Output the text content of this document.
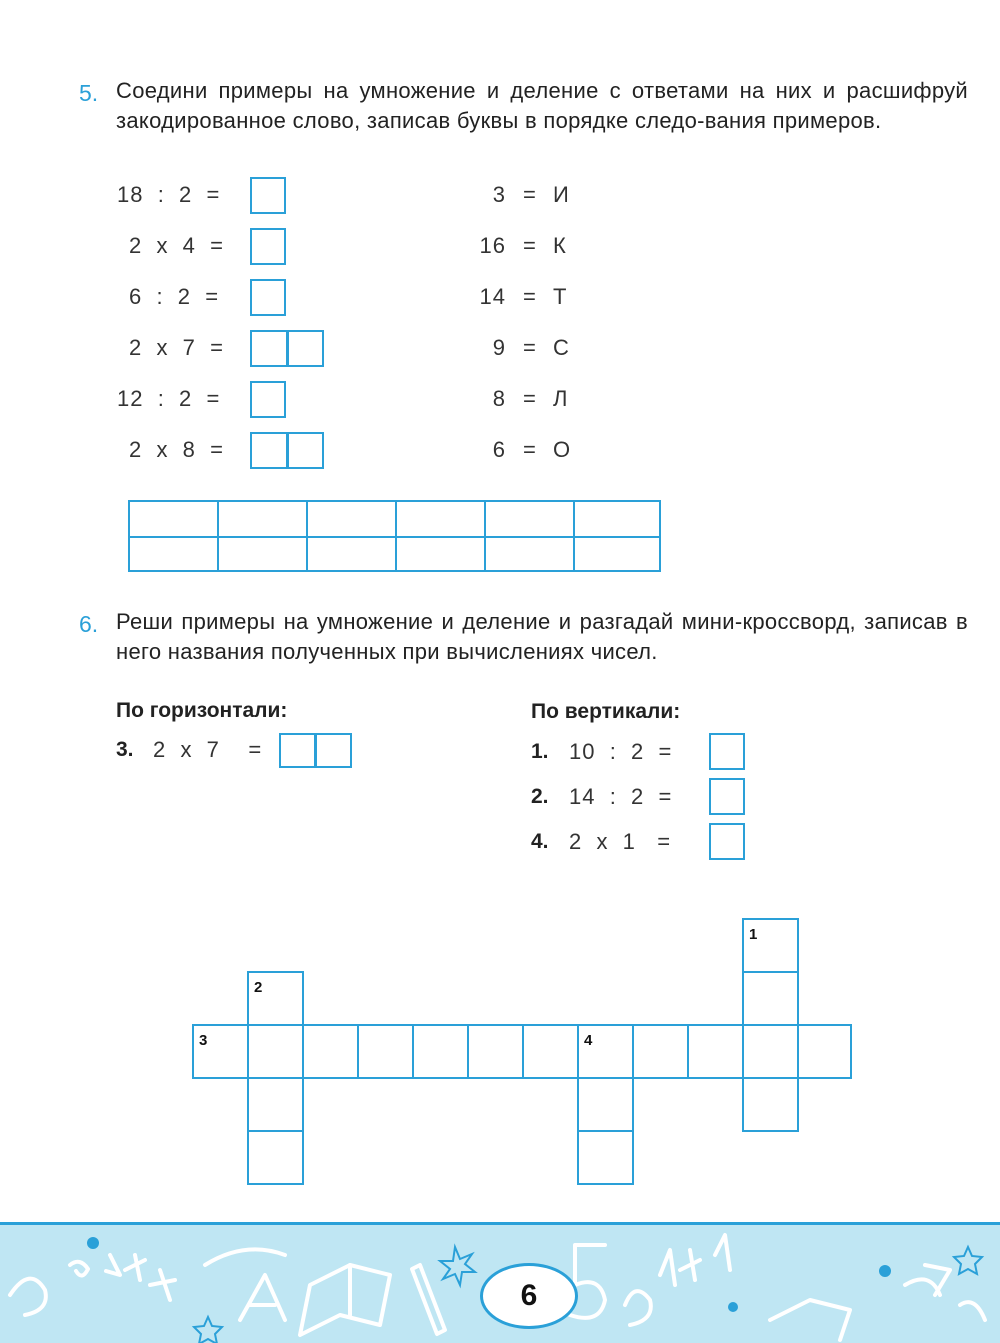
5. Соедини примеры на умножение и деление с ответами на них и расшифруй закодированное слово, записав буквы в порядке следо-вания примеров.
18  :  2  =
2  х  4  =
6  :  2  =
2  х  7  =
12  :  2  =
2  х  8  =
3 = И
16 = К
14 = Т
9 = С
8 = Л
6 = О
6. Реши примеры на умножение и деление и разгадай мини-кроссворд, записав в него названия полученных при вычислениях чисел.
По горизонтали:	По вертикали:
3. 2  х  7    =	1. 10  :  2  =
2. 14  :  2  =
4. 2  х  1   =
1
2
3	4
6
